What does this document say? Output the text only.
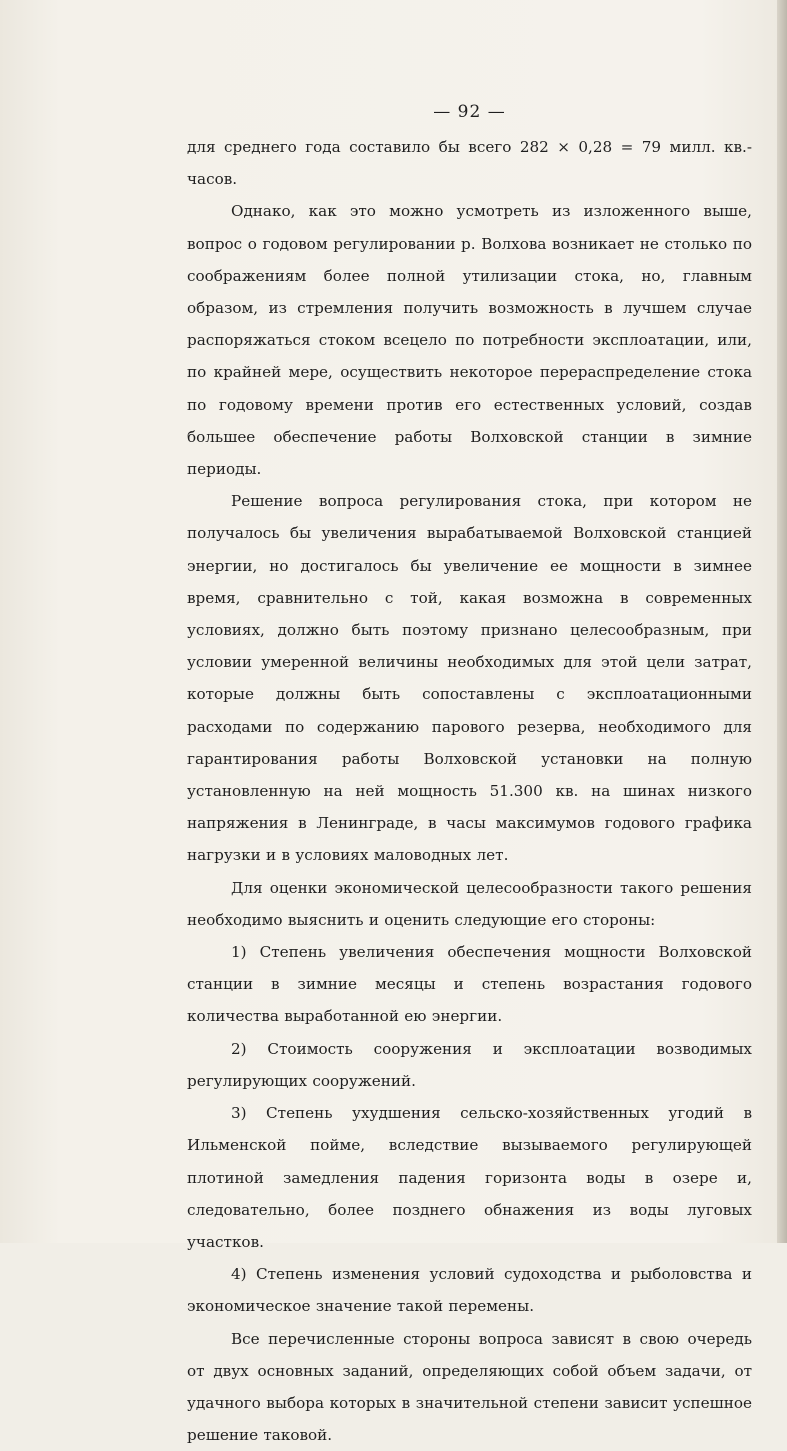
— 92 —

для среднего года составило бы всего 282 × 0,28 = 79 милл. кв.-часов.

Однако, как это можно усмотреть из изложенного выше, вопрос о годовом регулировании р. Волхова возникает не столько по соображениям более полной утилизации стока, но, главным образом, из стремления получить возможность в лучшем случае распоряжаться стоком всецело по потребности эксплоатации, или, по крайней мере, осуществить некоторое перераспределение стока по годовому времени против его естественных условий, создав большее обеспечение работы Волховской станции в зимние периоды.

Решение вопроса регулирования стока, при котором не получалось бы увеличения вырабатываемой Волховской станцией энергии, но достигалось бы увеличение ее мощности в зимнее время, сравнительно с той, какая возможна в современных условиях, должно быть поэтому признано целесообразным, при условии умеренной величины необходимых для этой цели затрат, которые должны быть сопоставлены с эксплоатационными расходами по содержанию парового резерва, необходимого для гарантирования работы Волховской установки на полную установленную на ней мощность 51.300 кв. на шинах низкого напряжения в Ленинграде, в часы максимумов годового графика нагрузки и в условиях маловодных лет.

Для оценки экономической целесообразности такого решения необходимо выяснить и оценить следующие его стороны:

1) Степень увеличения обеспечения мощности Волховской станции в зимние месяцы и степень возрастания годового количества выработанной ею энергии.

2) Стоимость сооружения и эксплоатации возводимых регулирующих сооружений.

3) Степень ухудшения сельско-хозяйственных угодий в Ильменской пойме, вследствие вызываемого регулирующей плотиной замедления падения горизонта воды в озере и, следовательно, более позднего обнажения из воды луговых участков.

4) Степень изменения условий судоходства и рыболовства и экономическое значение такой перемены.

Все перечисленные стороны вопроса зависят в свою очередь от двух основных заданий, определяющих собой объем задачи, от удачного выбора которых в значительной степени зависит успешное решение таковой.
